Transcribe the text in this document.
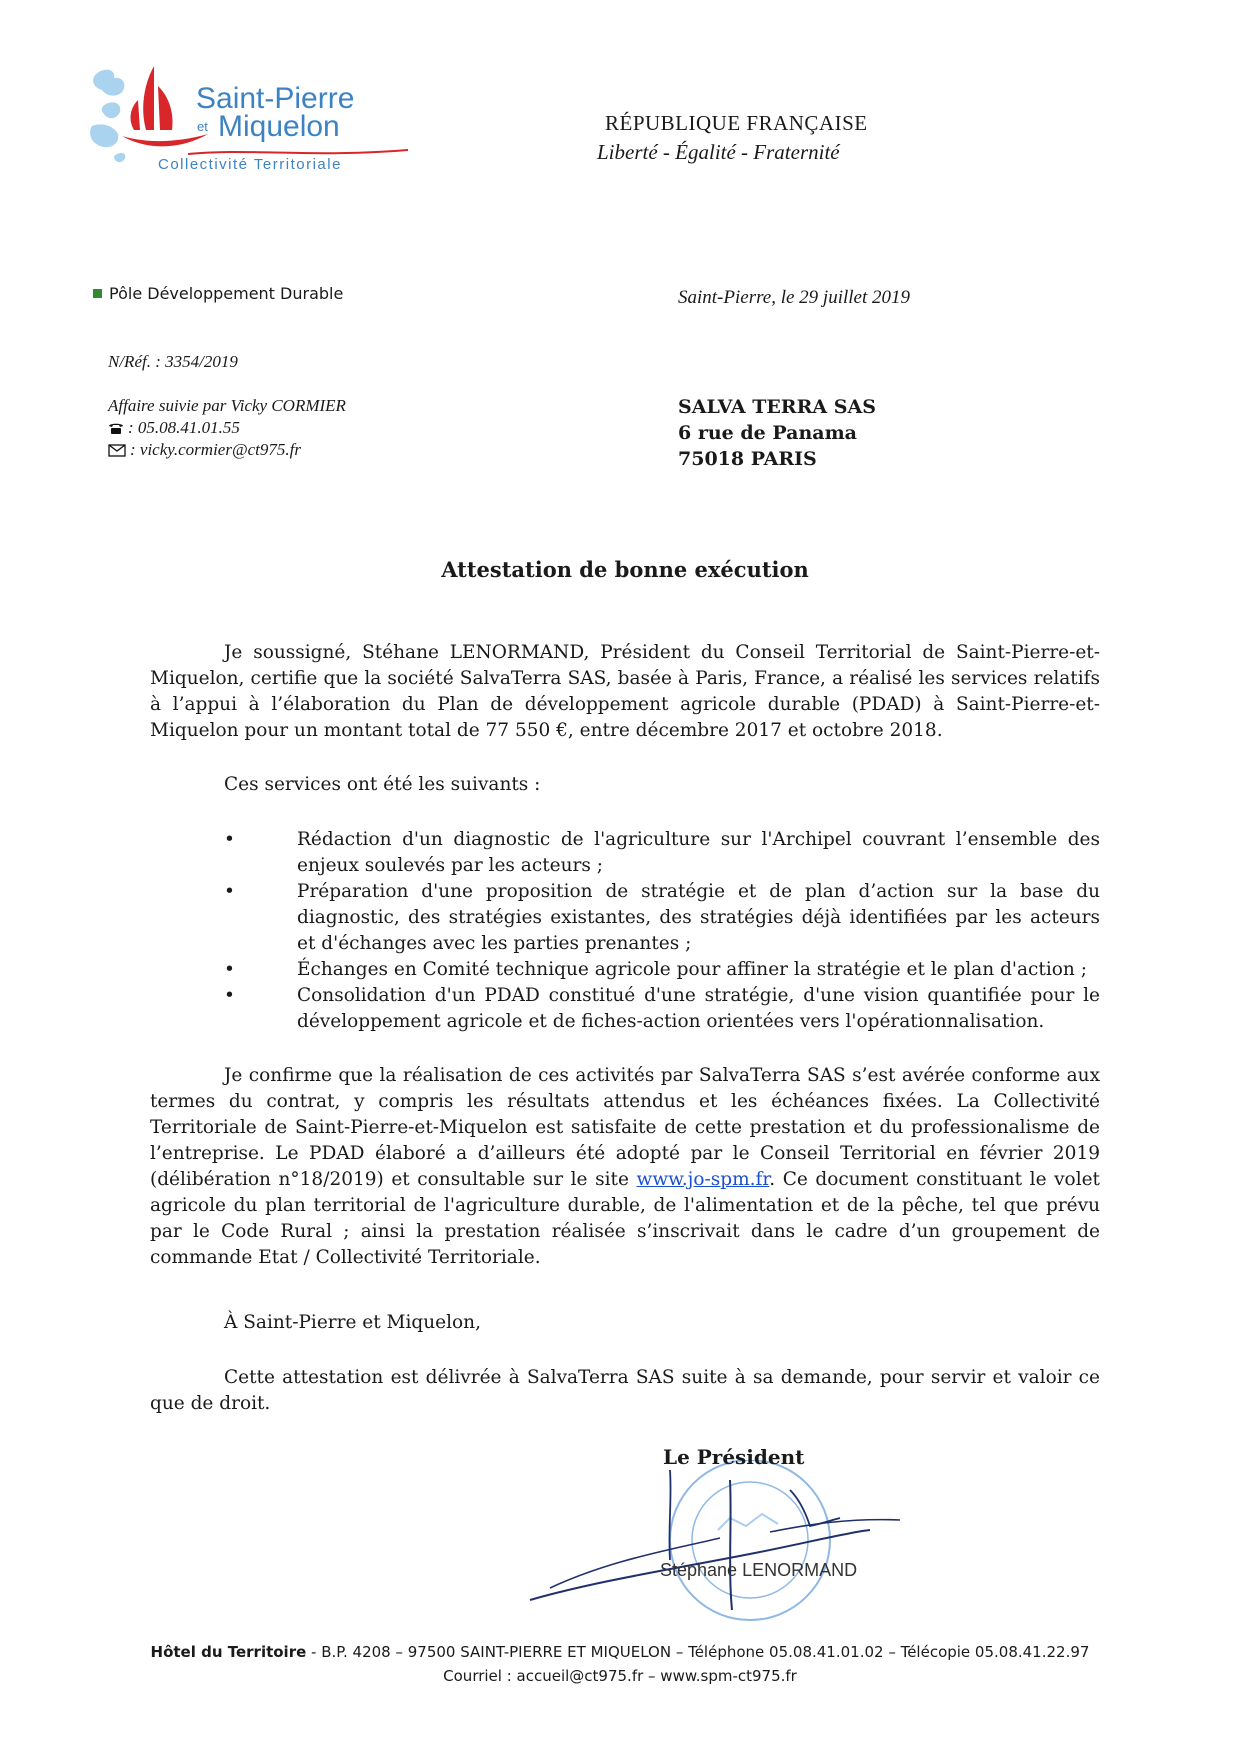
Saint-Pierre
et Miquelon
Collectivité Territoriale
RÉPUBLIQUE FRANÇAISE
Liberté - Égalité - Fraternité
Pôle Développement Durable	Saint-Pierre, le 29 juillet 2019
N/Réf. : 3354/2019
Affaire suivie par Vicky CORMIER
: 05.08.41.01.55
: vicky.cormier@ct975.fr
SALVA TERRA SAS
6 rue de Panama
75018 PARIS
Attestation de bonne exécution
Je soussigné, Stéhane LENORMAND, Président du Conseil Territorial de Saint-Pierre-et-Miquelon, certifie que la société SalvaTerra SAS, basée à Paris, France, a réalisé les services relatifs à l’appui à l’élaboration du Plan de développement agricole durable (PDAD) à Saint-Pierre-et-Miquelon pour un montant total de 77 550 €, entre décembre 2017 et octobre 2018.
Ces services ont été les suivants :
•	Rédaction d'un diagnostic de l'agriculture sur l'Archipel couvrant l’ensemble des enjeux soulevés par les acteurs ;
•	Préparation d'une proposition de stratégie et de plan d’action sur la base du diagnostic, des stratégies existantes, des stratégies déjà identifiées par les acteurs et d'échanges avec les parties prenantes ;
•	Échanges en Comité technique agricole pour affiner la stratégie et le plan d'action ;
•	Consolidation d'un PDAD constitué d'une stratégie, d'une vision quantifiée pour le développement agricole et de fiches-action orientées vers l'opérationnalisation.
Je confirme que la réalisation de ces activités par SalvaTerra SAS s’est avérée conforme aux termes du contrat, y compris les résultats attendus et les échéances fixées. La Collectivité Territoriale de Saint-Pierre-et-Miquelon est satisfaite de cette prestation et du professionalisme de l’entreprise. Le PDAD élaboré a d’ailleurs été adopté par le Conseil Territorial en février 2019 (délibération n°18/2019) et consultable sur le site www.jo-spm.fr. Ce document constituant le volet agricole du plan territorial de l'agriculture durable, de l'alimentation et de la pêche, tel que prévu par le Code Rural ; ainsi la prestation réalisée s’inscrivait dans le cadre d’un groupement de commande Etat / Collectivité Territoriale.
À Saint-Pierre et Miquelon,
Cette attestation est délivrée à SalvaTerra SAS suite à sa demande, pour servir et valoir ce que de droit.
Le Président
Stéphane LENORMAND
Hôtel du Territoire - B.P. 4208 – 97500 SAINT-PIERRE ET MIQUELON – Téléphone 05.08.41.01.02 – Télécopie 05.08.41.22.97
Courriel : accueil@ct975.fr – www.spm-ct975.fr
